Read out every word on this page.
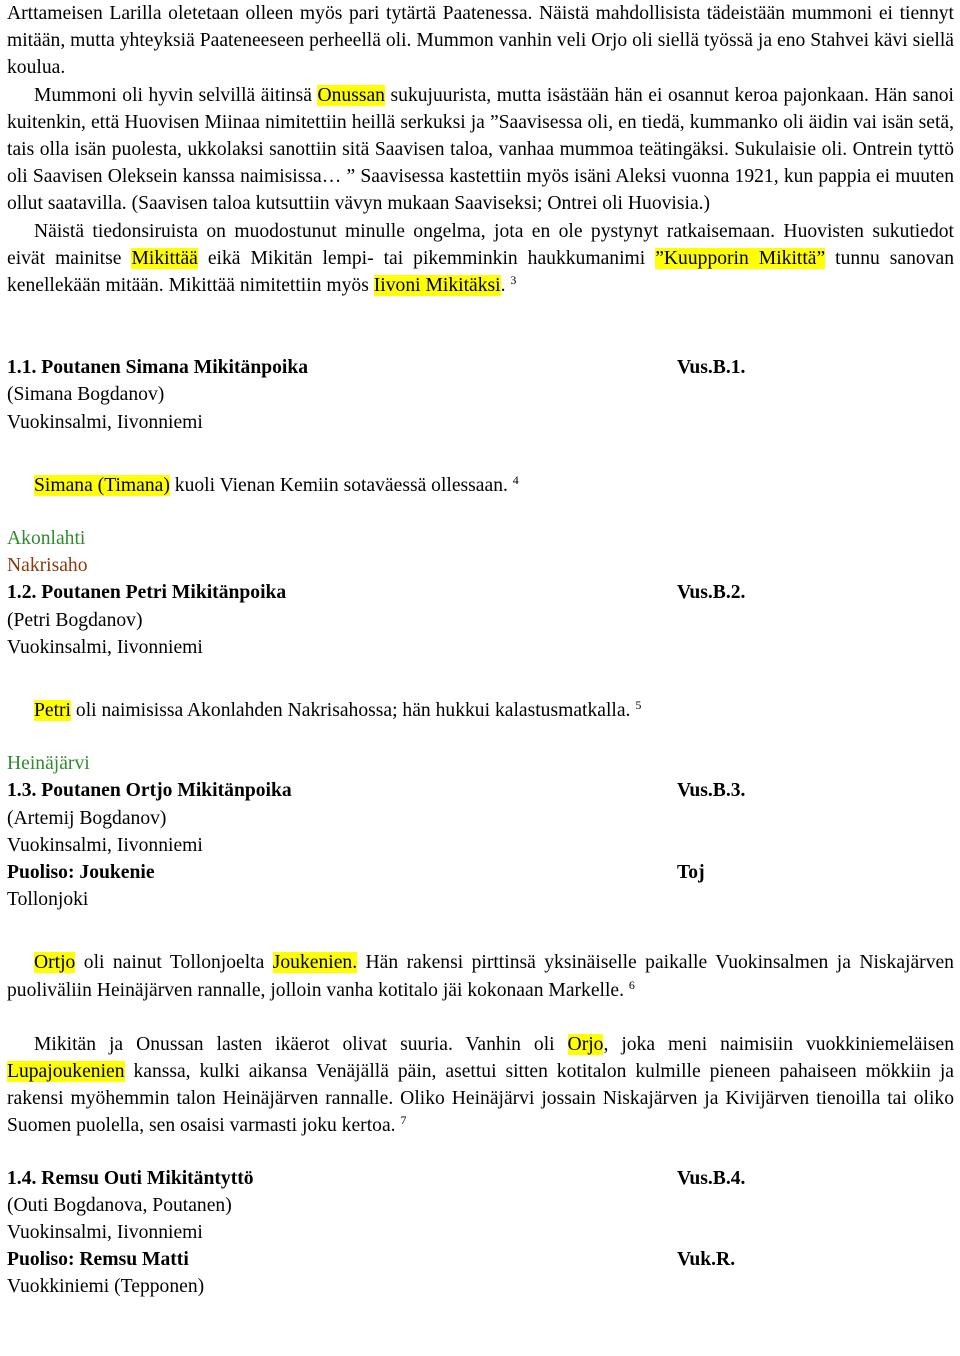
Arttameisen Larilla oletetaan olleen myös pari tytärtä Paatenessa. Näistä mahdollisista tädeistään mummoni ei tiennyt mitään, mutta yhteyksiä Paateneeseen perheellä oli. Mummon vanhin veli Orjo oli siellä työssä ja eno Stahvei kävi siellä koulua.

Mummoni oli hyvin selvillä äitinsä Onussan sukujuurista, mutta isästään hän ei osannut keroa pajonkaan. Hän sanoi kuitenkin, että Huovisen Miinaa nimitettiin heillä serkuksi ja ”Saavisessa oli, en tiedä, kummanko oli äidin vai isän setä, tais olla isän puolesta, ukkolaksi sanottiin sitä Saavisen taloa, vanhaa mummoa teätingäksi. Sukulaisie oli. Ontrein tyttö oli Saavisen Oleksein kanssa naimisissa… ” Saavisessa kastettiin myös isäni Aleksi vuonna 1921, kun pappia ei muuten ollut saatavilla. (Saavisen taloa kutsuttiin vävyn mukaan Saaviseksi; Ontrei oli Huovisia.)

Näistä tiedonsiruista on muodostunut minulle ongelma, jota en ole pystynyt ratkaisemaan. Huovisten sukutiedot eivät mainitse Mikittää eikä Mikitän lempi- tai pikemminkin haukkumanimi ”Kuupporin Mikittä” tunnu sanovan kenellekään mitään. Mikittää nimitettiin myös Iivoni Mikitäksi. $^3$

1.1. Poutanen Simana Mikitänpoika	Vus.B.1.
(Simana Bogdanov)
Vuokinsalmi, Iivonniemi

Simana (Timana) kuoli Vienan Kemiin sotaväessä ollessaan. $^4$

Akonlahti
Nakrisaho
1.2. Poutanen Petri Mikitänpoika	Vus.B.2.
(Petri Bogdanov)
Vuokinsalmi, Iivonniemi

Petri oli naimisissa Akonlahden Nakrisahossa; hän hukkui kalastusmatkalla. $^5$

Heinäjärvi
1.3. Poutanen Ortjo Mikitänpoika	Vus.B.3.
(Artemij Bogdanov)
Vuokinsalmi, Iivonniemi
Puoliso: Joukenie	Toj
Tollonjoki

Ortjo oli nainut Tollonjoelta Joukenien. Hän rakensi pirttinsä yksinäiselle paikalle Vuokinsalmen ja Niskajärven puoliväliin Heinäjärven rannalle, jolloin vanha kotitalo jäi kokonaan Markelle. $^6$

Mikitän ja Onussan lasten ikäerot olivat suuria. Vanhin oli Orjo, joka meni naimisiin vuokkiniemeläisen Lupajoukenien kanssa, kulki aikansa Venäjällä päin, asettui sitten kotitalon kulmille pieneen pahaiseen mökkiin ja rakensi myöhemmin talon Heinäjärven rannalle. Oliko Heinäjärvi jossain Niskajärven ja Kivijärven tienoilla tai oliko Suomen puolella, sen osaisi varmasti joku kertoa. $^7$

1.4. Remsu Outi Mikitäntyttö	Vus.B.4.
(Outi Bogdanova, Poutanen)
Vuokinsalmi, Iivonniemi
Puoliso: Remsu Matti	Vuk.R.
Vuokkiniemi (Tepponen)
